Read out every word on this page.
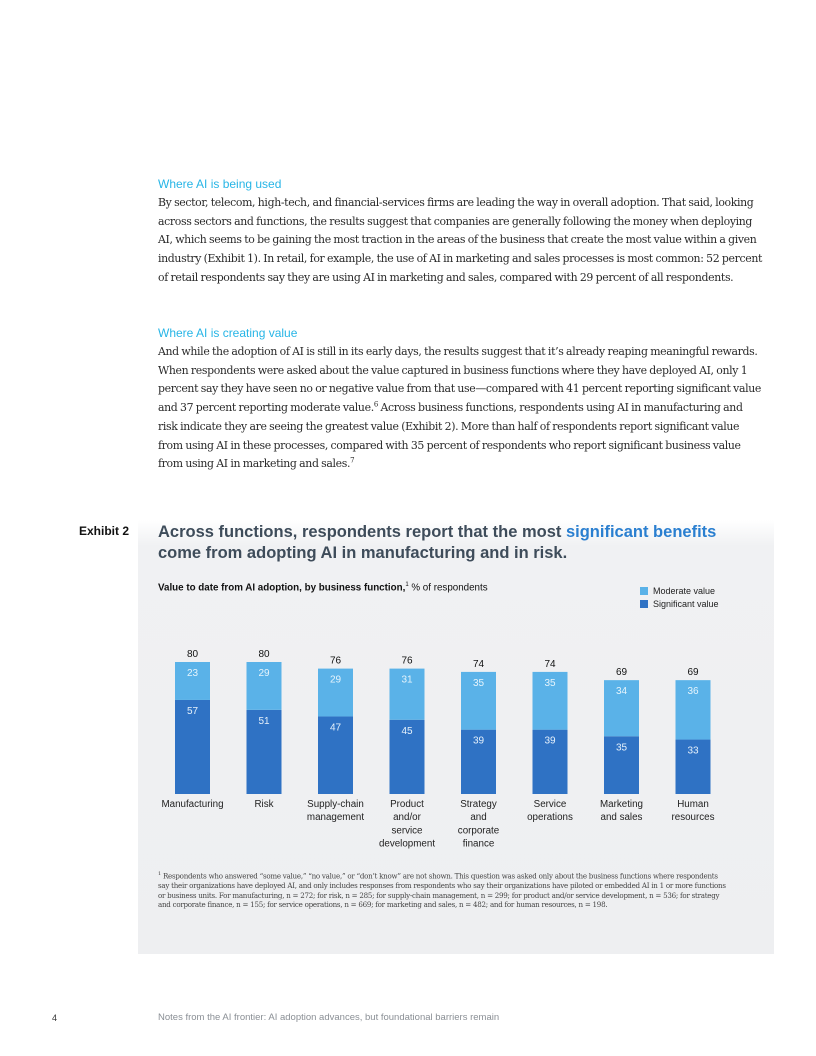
Where AI is being used

By sector, telecom, high-tech, and financial-services firms are leading the way in overall adoption. That said, looking across sectors and functions, the results suggest that companies are generally following the money when deploying AI, which seems to be gaining the most traction in the areas of the business that create the most value within a given industry (Exhibit 1). In retail, for example, the use of AI in marketing and sales processes is most common: 52 percent of retail respondents say they are using AI in marketing and sales, compared with 29 percent of all respondents.

Where AI is creating value

And while the adoption of AI is still in its early days, the results suggest that it’s already reaping meaningful rewards. When respondents were asked about the value captured in business functions where they have deployed AI, only 1 percent say they have seen no or negative value from that use—compared with 41 percent reporting significant value and 37 percent reporting moderate value.$^6$ Across business functions, respondents using AI in manufacturing and risk indicate they are seeing the greatest value (Exhibit 2). More than half of respondents report significant value from using AI in these processes, compared with 35 percent of respondents who report significant business value from using AI in marketing and sales.$^7$

Exhibit 2 Across functions, respondents report that the most significant benefits come from adopting AI in manufacturing and in risk.
Value to date from AI adoption, by business function,$^1$ % of respondents	Moderate value
Significant value
57
23
80
Manufacturing
51
29
80
Risk
47
29
76
Supply-chain
management
45
31
76
Product
and/or
service
development
39
35
74
Strategy
and
corporate
finance
39
35
74
Service
operations
35
34
69
Marketing
and sales
33
36
69
Human
resources

$^1$ Respondents who answered “some value,” “no value,” or “don’t know” are not shown. This question was asked only about the business functions where respondents say their organizations have deployed AI, and only includes responses from respondents who say their organizations have piloted or embedded AI in 1 or more functions or business units. For manufacturing, n = 272; for risk, n = 285; for supply-chain management, n = 299; for product and/or service development, n = 536; for strategy and corporate finance, n = 155; for service operations, n = 669; for marketing and sales, n = 482; and for human resources, n = 198.

4	Notes from the AI frontier: AI adoption advances, but foundational barriers remain
